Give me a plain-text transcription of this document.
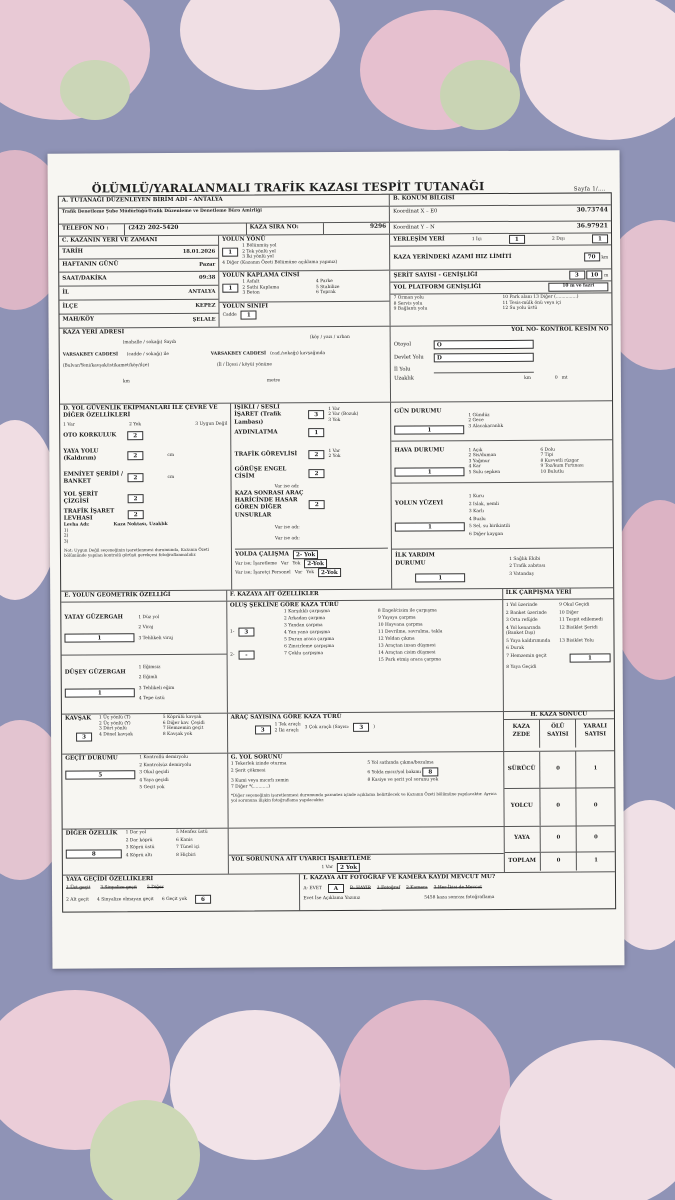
ÖLÜMLÜ/YARALANMALI TRAFİK KAZASI TESPİT TUTANAĞI	Sayfa 1/....
A. TUTANAĞI DÜZENLEYEN BİRİM ADI - ANTALYA	B. KONUM BİLGİSİ
Trafik Denetleme Şube Müdürlüğü-Trafik Düzenleme ve Denetleme Büro Amirliği	Koordinat X – E0	30.73744
TELEFON NO :	(242) 202-5420	KAZA SIRA NO:	9296	Koordinat Y – N	36.97921
C. KAZANIN YERİ VE ZAMANI
TARİH	18.01.2026
HAFTANIN GÜNÜ	Pazar
SAAT/DAKİKA	09:38
İL	ANTALYA
İLÇE	KEPEZ
MAH/KÖY	ŞELALE
YOLUN YÖNÜ
1
1 Bölünmüş yol
2 Tek yönlü yol
3 İki yönlü yol
4 Diğer (Kazanın Özeti Bölümüne açıklama yapınız)
YOLUN KAPLAMA CİNSİ
1
1 Asfalt	4 Parke
2 Sathi Kaplama	5 Stabilize
3 Beton	6 Toprak
YOLUN SINIFI
Cadde	1
YERLEŞİM YERİ	1 İçi	1	2 Dışı	1
KAZA YERİNDEKİ AZAMİ HIZ LİMİTİ	70 km
ŞERİT SAYISI - GENİŞLİĞİ	3 10 m
YOL PLATFORM GENİŞLİĞİ	10 m ve fazri
7 Orman yolu	10 Park alanı 13 Diğer (...............)
8 Servis yolu	11 Tesis-mülk önü veya içi
9 Bağlantı yolu	12 Su yolu üstü
KAZA YERİ ADRESİ
(mahalle / sokağı) Sayıb
VARSAKBEY CADDESİ	(cadde / sokağı) ile	VARSAKBEY CADDESİ (cad./sokağı) kavşağında
(Bulvar/Yeni/kavşak/istikamet/köy/ilçe)	(İl / İlçesi / köyü) yönüne
km	metre
(köy / yazı / urban
YOL NO- KONTROL KESİM NO
Otoyol	O
Devlet Yolu	D
İl Yolu
Uzaklık	km	0 mt
D. YOL GÜVENLİK EKİPMANLARI İLE ÇEVRE VE DİĞER ÖZELLİKLERİ
1 Var	2 Yok	3 Uygun Değil
OTO KORKULUK	2
YAYA YOLU (Kaldırım)	2	cm
EMNİYET ŞERİDİ / BANKET	2	cm
YOL ŞERİT ÇİZGİSİ	2
TRAFİK İŞARET LEVHASI	2
Levha Adı:	Kaza Noktası, Uzaklık
1)
2)
3)
Not: Uygun Değil seçeneğinin işaretlenmesi durumunda, Kazanın Özeti bölümünde yapılan kontrolü görüşü gerekçesi fotoğraflanmalıdır.
IŞIKLI / SESLİ İŞARET (Trafik Lambası)
3
1 Var
2 Var (Bozuk)
3 Yok
AYDINLATMA	1
TRAFİK GÖREVLİSİ	2
1 Var
2 Yok
GÖRÜŞE ENGEL CİSİM	2
Var ise adı:
KAZA SONRASI ARAÇ HARİCİNDE HASAR GÖREN DİĞER UNSURLAR
2
Var ise adı:
Var ise adı:
YOLDA ÇALIŞMA	2- Yok
Var ise; İşaretleme Var Yok	2-Yok
Var ise; İşaretçi Personel Var Yok	2-Yok
GÜN DURUMU
1
1 Gündüz
2 Gece
3 Alacakaranlık
HAVA DURUMU
1
1 Açık	6 Dolu
2 Sis/duman	7 Tipi
3 Yağmur	8 Kuvvetli rüzgar
4 Kar	9 Toz/kum Fırtınası
5 Sulu sepken	10 Bulutlu
YOLUN YÜZEYİ
1
1 Kuru
2 Islak, nemli
3 Karlı
4 Buzlu
5 Sel, su birikintili
6 Diğer kaygan
İLK YARDIM DURUMU
1
1 Sağlık Ekibi
2 Trafik zabıtası
3 Vatandaş
E. YOLUN GEOMETRİK ÖZELLİĞİ	F. KAZAYA AİT ÖZELLİKLER	İLK ÇARPIŞMA YERİ
YATAY GÜZERGAH
1
1 Düz yol
2 Viraj
3 Tehlikeli viraj
DÜŞEY GÜZERGAH
1
1 Eğimsiz
2 Eğimli
3 Tehlikeli eğim
4 Tepe üstü
OLUŞ ŞEKLİNE GÖRE KAZA TÜRÜ
1-	3
2-	-
1 Karşılıklı çarpışma
2 Arkadan çarpma
3 Yandan çarpma
4 Yan yana çarpışma
5 Duran araca çarpma
6 Zincirleme çarpışma
7 Çoklu çarpışma
8 Engel/cisim ile çarpışma
9 Yayaya çarpma
10 Hayvana çarpma
11 Devrilme, savrulma, takla
12 Yoldan çıkma
13 Araçtan insan düşmesi
14 Araçtan cisim düşmesi
15 Park etmiş araca çarpma
1 Yol üzerinde	9 Okul Geçidi
2 Banket üzerinde	10 Diğer
3 Orta refüjde	11 Tespit edilemedi
4 Yol kenarında (Banket Dışı)
12 Bisiklet Şeridi
5 Yaya kaldırımında	13 Bisiklet Yolu
6 Durak
7 Hemzemin geçit	1
8 Yaya Geçidi
KAVŞAK	1 Üç yönlü (T)	5 Köprülü kavşak
2 Üç yönlü (Y)	6 Diğer kav. Çeşidi
3 Dört yönlü	7 Hemzemin geçit
4 Dönel kavşak	8 Kavşak yok
3
ARAÇ SAYISINA GÖRE KAZA TÜRÜ
3
1 Tek araçlı
2 İki araçlı
3 Çok araçlı (Sayısı:	3	)
H. KAZA SONUCU
KAZA ZEDE
ÖLÜ SAYISI
YARALI SAYISI
GEÇİT DURUMU
5
1 Kontrollü demiryolu
2 Kontrolsüz demiryolu
3 Okul geçidi
4 Yaya geçidi
5 Geçit yok
G. YOL SORUNU
1 Tekerlek izinde oturma	5 Yol sathında çıkma/bozulma
2 Şerit çökmesi	6 Yolda mıcır/yol bakımı 8
3 Kumi veya mıcırlı zemin	8 Kasiye ve şerit yol sorunu yok
7 Diğer *(...........)
*Diğer seçeneğinin işaretlenmesi durumunda parantez içinde açıklama belirtilecek ve Kazanın Özeti bölümüne yapılacaktır. Ayrıca yol sorununa ilişkin fotoğraflama yapılacaktır.
SÜRÜCÜ	0	1
YOLCU	0	0
DİĞER ÖZELLİK
8
1 Dar yol	5 Menfez üstü
2 Dar köprü	6 Kanis
3 Köprü üstü	7 Tünel içi
4 Köprü altı	8 Hiçbiri
YOL SORUNUNA AİT UYARICI İŞARETLEME
1 Var	2 Yok
YAYA	0	0
TOPLAM	0	1
YAYA GEÇİDİ ÖZELLİKLERİ
1 Üst geçit 3 Sinyalize geçit 5 Diğer
2 Alt geçit 4 Sinyalize olmayan geçit 6 Geçit yok	6
I. KAZAYA AİT FOTOĞRAF VE KAMERA KAYDI MEVCUT MU?
A- EVET	A	B- HAYIR 1 Fotoğraf 2 Kamera 3 Her İkisi de Mevcut
Evet İse Açıklama Yazınız	5458 kaza sonrası fotoğraflama
